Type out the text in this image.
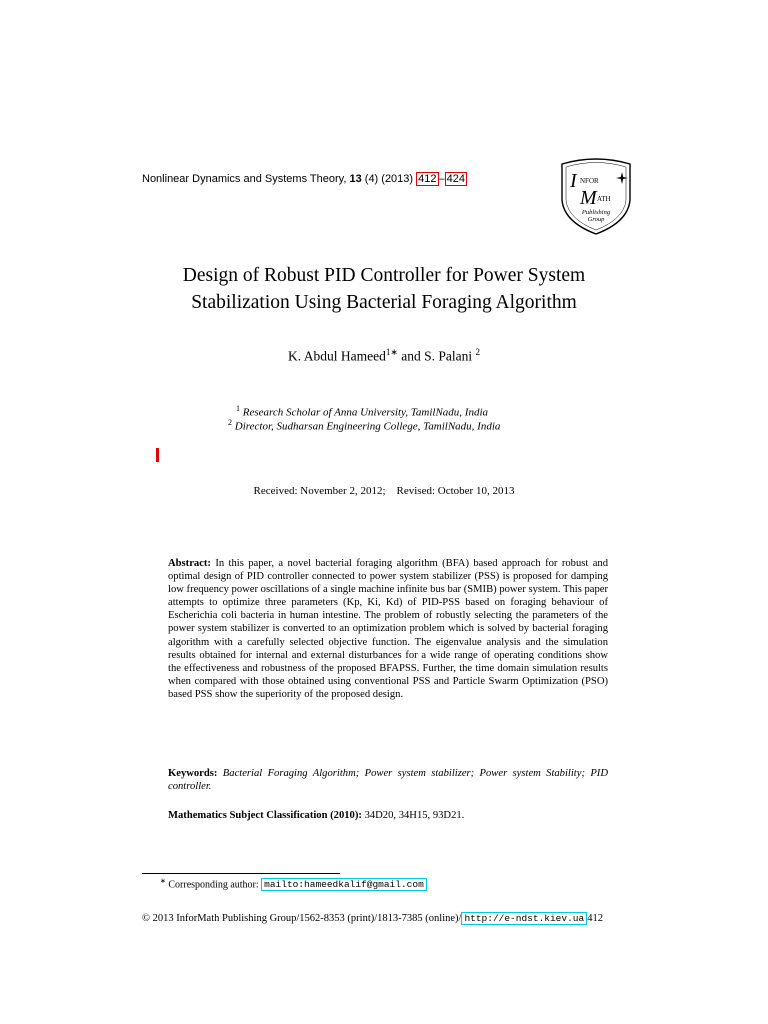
Nonlinear Dynamics and Systems Theory, 13 (4) (2013) 412 – 424	I NFOR
M ATH
Publishing
Group
Design of Robust PID Controller for Power System
Stabilization Using Bacterial Foraging Algorithm
K. Abdul Hameed$^{1∗}$ and S. Palani $^2$
$^1$ Research Scholar of Anna University, TamilNadu, India
$^2$ Director, Sudharsan Engineering College, TamilNadu, India
Received: November 2, 2012; Revised: October 10, 2013
Abstract: In this paper, a novel bacterial foraging algorithm (BFA) based approach for robust and optimal design of PID controller connected to power system stabilizer (PSS) is proposed for damping low frequency power oscillations of a single machine infinite bus bar (SMIB) power system. This paper attempts to optimize three parameters (Kp, Ki, Kd) of PID-PSS based on foraging behaviour of Escherichia coli bacteria in human intestine. The problem of robustly selecting the parameters of the power system stabilizer is converted to an optimization problem which is solved by bacterial foraging algorithm with a carefully selected objective function. The eigenvalue analysis and the simulation results obtained for internal and external disturbances for a wide range of operating conditions show the effectiveness and robustness of the proposed BFAPSS. Further, the time domain simulation results when compared with those obtained using conventional PSS and Particle Swarm Optimization (PSO) based PSS show the superiority of the proposed design.
Keywords: Bacterial Foraging Algorithm; Power system stabilizer; Power system Stability; PID controller.
Mathematics Subject Classification (2010): 34D20, 34H15, 93D21.
∗ Corresponding author: mailto:hameedkalif@gmail.com
© 2013 InforMath Publishing Group/1562-8353 (print)/1813-7385 (online)/ http://e-ndst.kiev.ua 412
